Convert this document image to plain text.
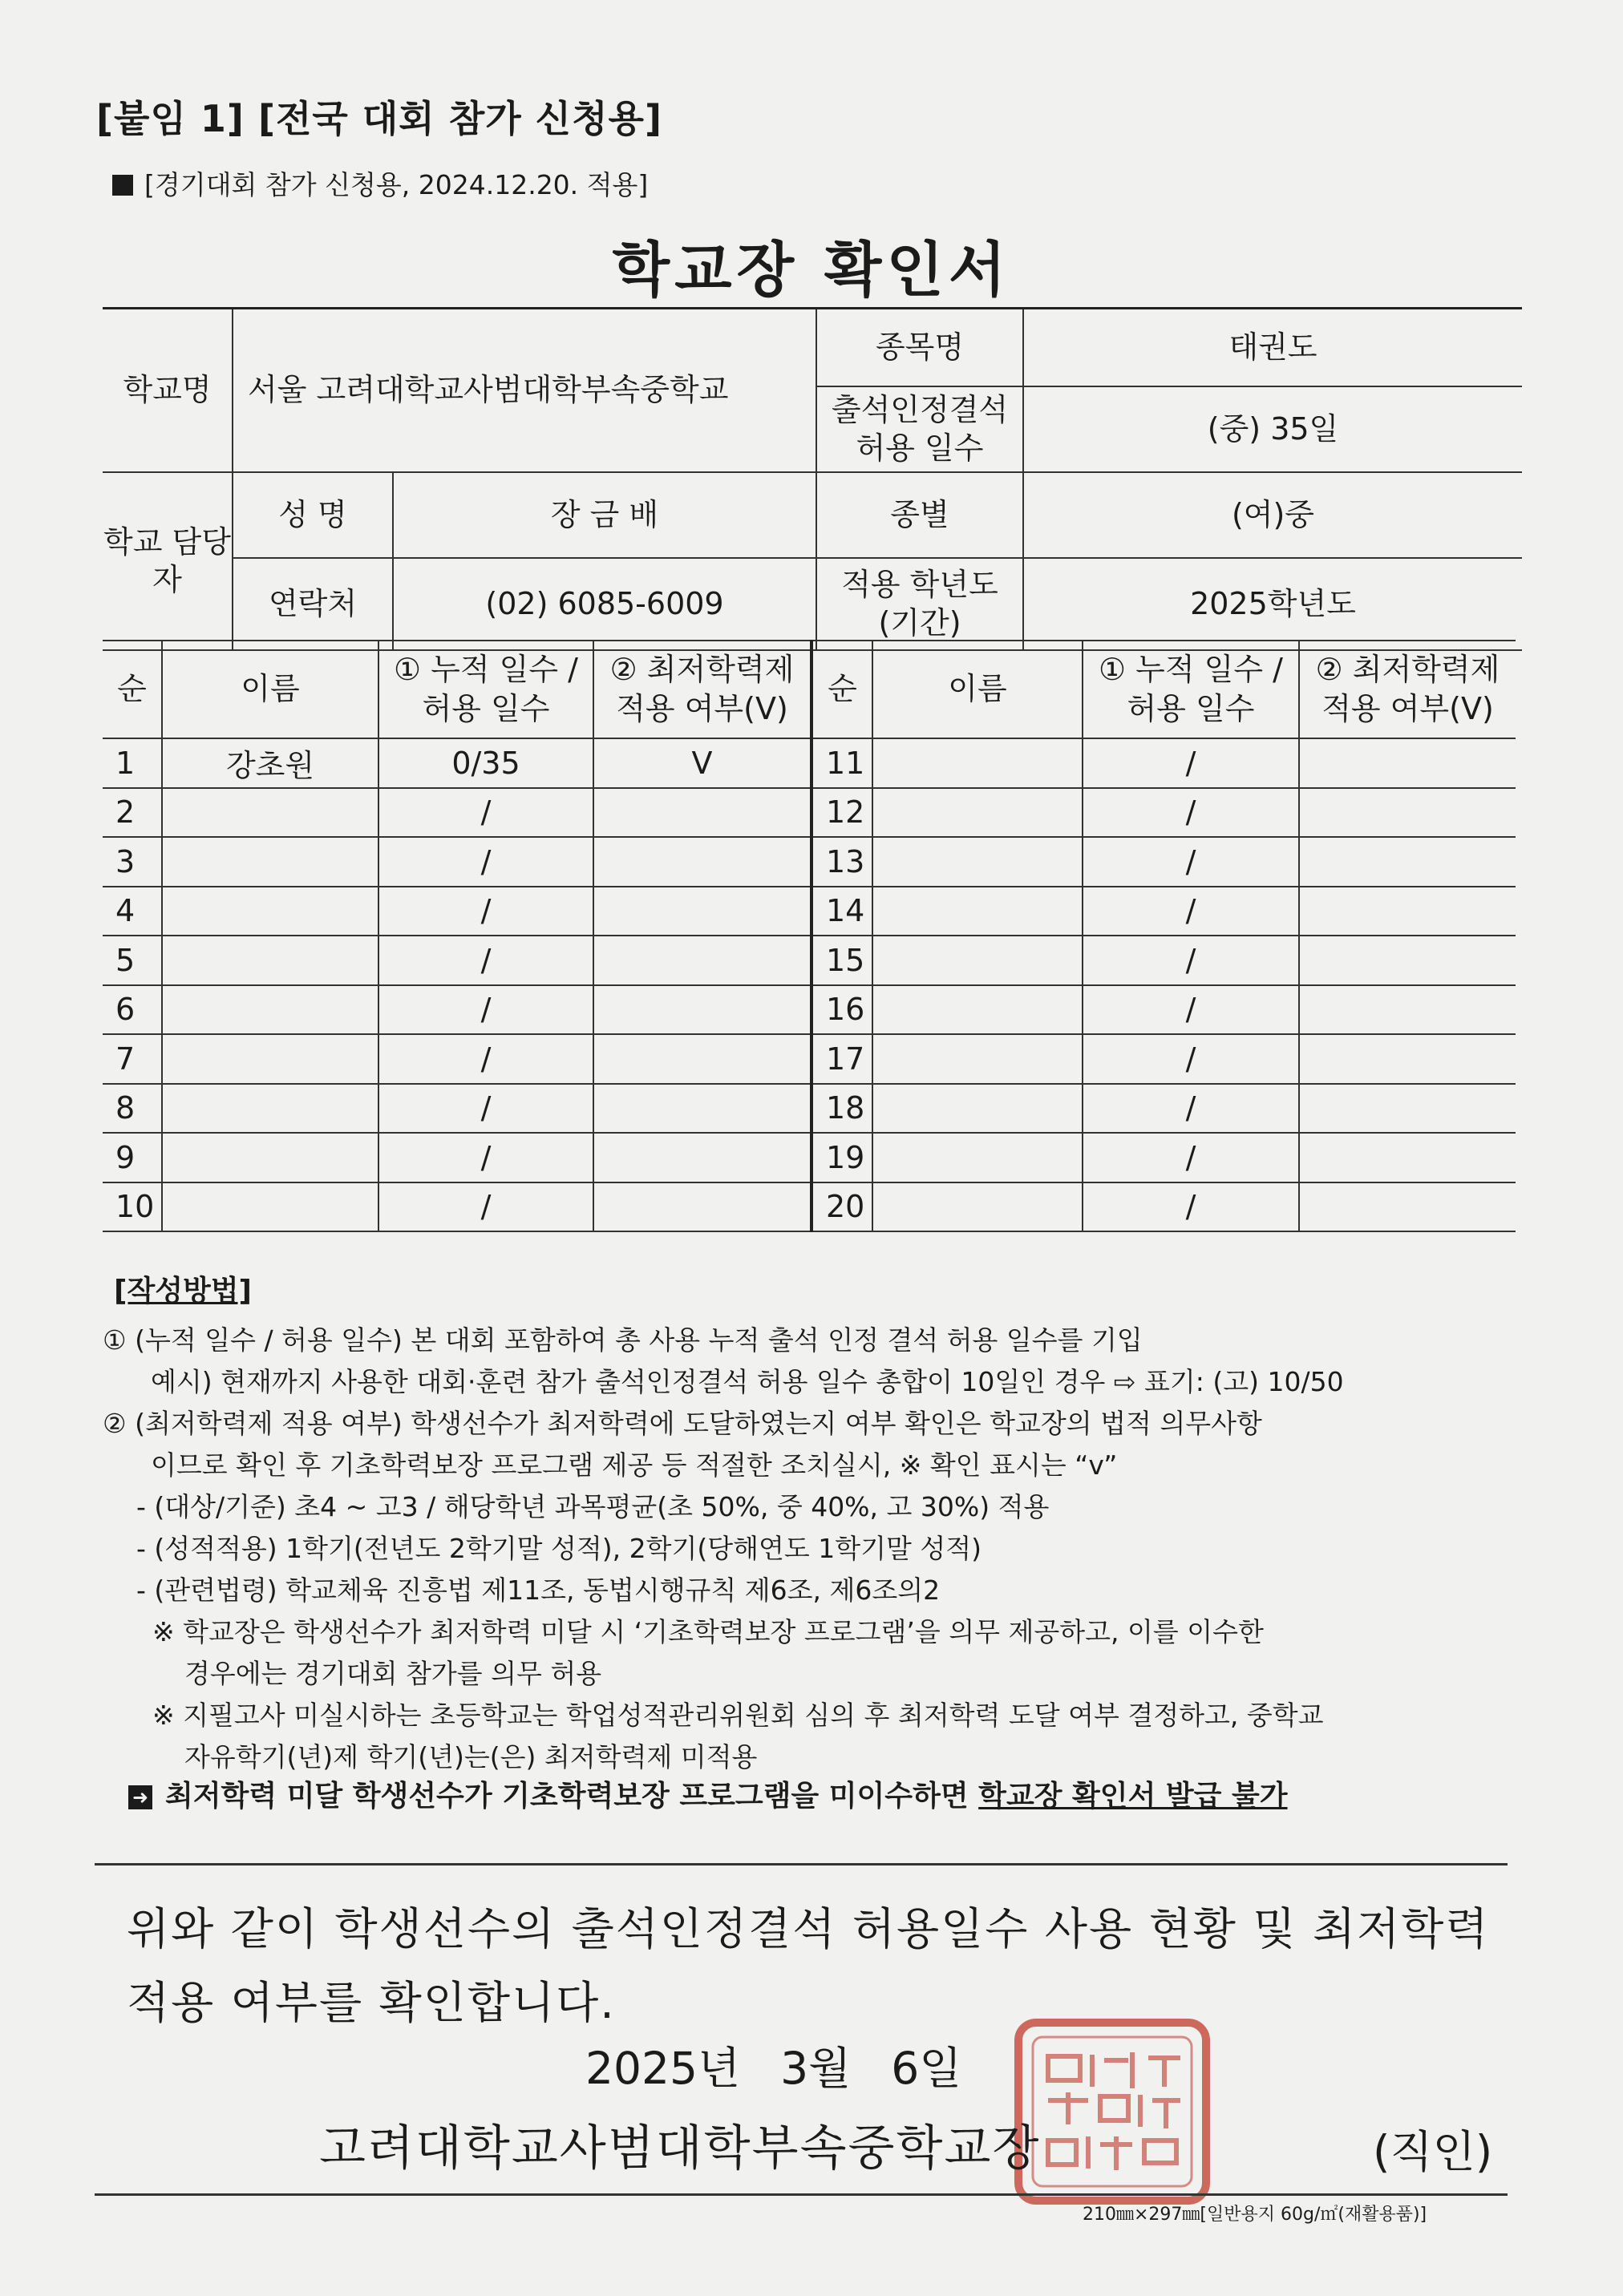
[붙임 1] [전국 대회 참가 신청용]
[경기대회 참가 신청용, 2024.12.20. 적용]
학교장 확인서
학교명	서울 고려대학교사범대학부속중학교		종목명	태권도
			출석인정결석 허용 일수	(중) 35일
학교 담당자	성 명	장 금 배	종별	(여)중
	연락처	(02) 6085-6009	적용 학년도 (기간)	2025학년도
순	이름	① 누적 일수 / 허용 일수	② 최저학력제 적용 여부(V)	순	이름	① 누적 일수 / 허용 일수	② 최저학력제 적용 여부(V)
1	강초원	0/35	V	11		/	
2		/		12		/	
3		/		13		/	
4		/		14		/	
5		/		15		/	
6		/		16		/	
7		/		17		/	
8		/		18		/	
9		/		19		/	
10		/		20		/	
[작성방법]

① (누적 일수 / 허용 일수) 본 대회 포함하여 총 사용 누적 출석 인정 결석 허용 일수를 기입

예시) 현재까지 사용한 대회·훈련 참가 출석인정결석 허용 일수 총합이 10일인 경우 ⇨ 표기: (고) 10/50

② (최저학력제 적용 여부) 학생선수가 최저학력에 도달하였는지 여부 확인은 학교장의 법적 의무사항

이므로 확인 후 기초학력보장 프로그램 제공 등 적절한 조치실시, ※ 확인 표시는 “v”

- (대상/기준) 초4 ~ 고3 / 해당학년 과목평균(초 50%, 중 40%, 고 30%) 적용

- (성적적용) 1학기(전년도 2학기말 성적), 2학기(당해연도 1학기말 성적)

- (관련법령) 학교체육 진흥법 제11조, 동법시행규칙 제6조, 제6조의2

※ 학교장은 학생선수가 최저학력 미달 시 ‘기초학력보장 프로그램’을 의무 제공하고, 이를 이수한

경우에는 경기대회 참가를 의무 허용

※ 지필고사 미실시하는 초등학교는 학업성적관리위원회 심의 후 최저학력 도달 여부 결정하고, 중학교

자유학기(년)제 학기(년)는(은) 최저학력제 미적용

➜ 최저학력 미달 학생선수가 기초학력보장 프로그램을 미이수하면 학교장 확인서 발급 불가
위와 같이 학생선수의 출석인정결석 허용일수 사용 현황 및 최저학력
적용 여부를 확인합니다.
2025년 3월 6일
고려대학교사범대학부속중학교장	(직인)
210㎜×297㎜[일반용지 60g/㎡(재활용품)]
